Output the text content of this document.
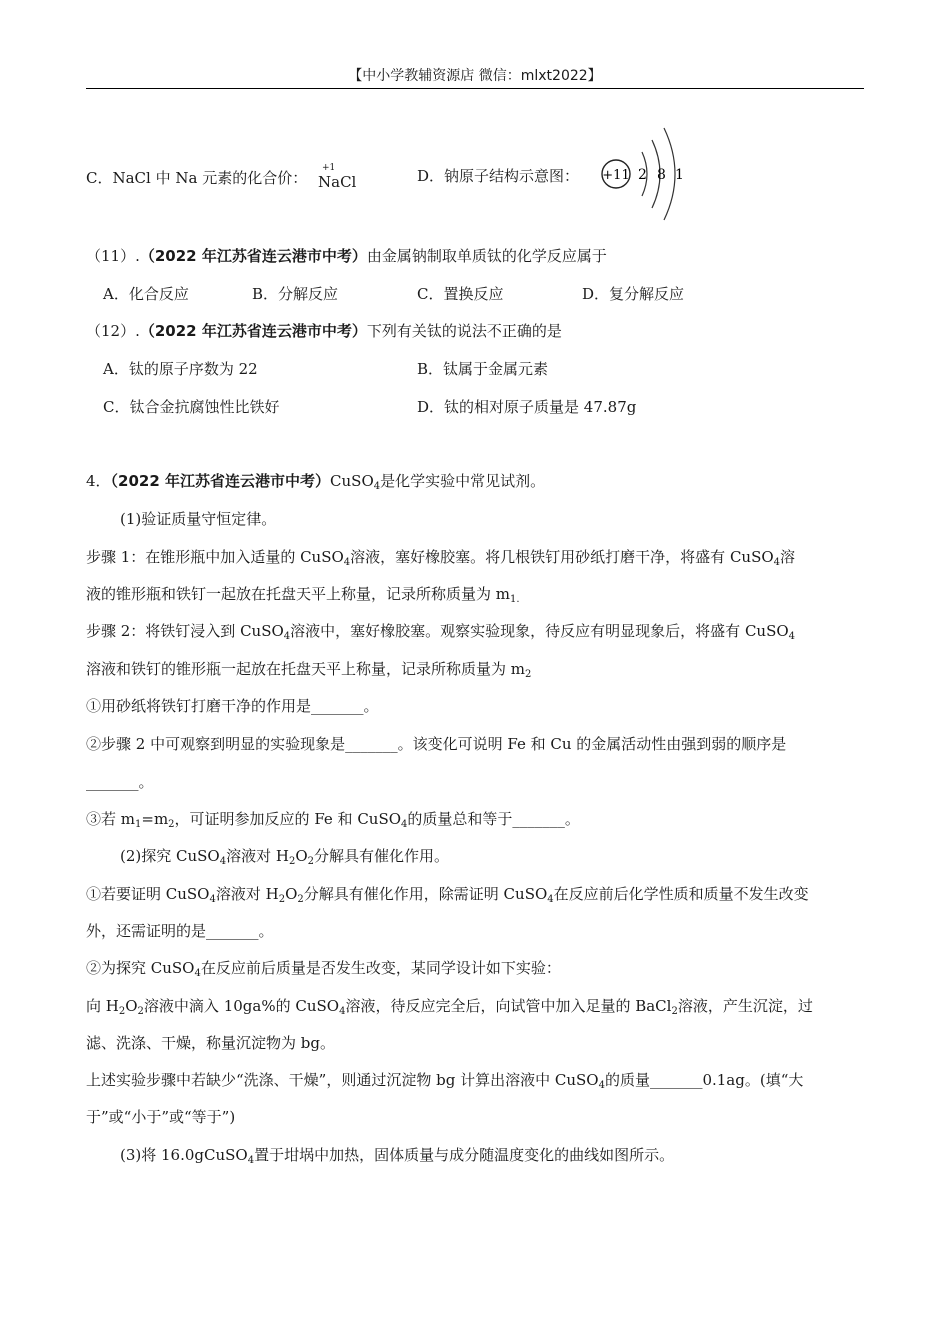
【中小学教辅资源店 微信：mlxt2022】
C．NaCl 中 Na 元素的化合价：
+1
NaCl	D．钠原子结构示意图： +11 2 8 1
（11）.（2022 年江苏省连云港市中考）由金属钠制取单质钛的化学反应属于
A．化合反应	B．分解反应	C．置换反应	D．复分解反应
（12）.（2022 年江苏省连云港市中考）下列有关钛的说法不正确的是
A．钛的原子序数为 22	B．钛属于金属元素
C．钛合金抗腐蚀性比铁好	D．钛的相对原子质量是 47.87g
4．（2022 年江苏省连云港市中考）CuSO$_4$是化学实验中常见试剂。
(1)验证质量守恒定律。
步骤 1：在锥形瓶中加入适量的 CuSO$_4$溶液，塞好橡胶塞。将几根铁钉用砂纸打磨干净，将盛有 CuSO$_4$溶
液的锥形瓶和铁钉一起放在托盘天平上称量，记录所称质量为 $m_{1.}$
步骤 2：将铁钉浸入到 CuSO$_4$溶液中，塞好橡胶塞。观察实验现象，待反应有明显现象后，将盛有 CuSO$_4$
溶液和铁钉的锥形瓶一起放在托盘天平上称量，记录所称质量为 $m_2$
①用砂纸将铁钉打磨干净的作用是_______。
②步骤 2 中可观察到明显的实验现象是_______。该变化可说明 Fe 和 Cu 的金属活动性由强到弱的顺序是
_______。
③若 $m_1=m_2$，可证明参加反应的 Fe 和 CuSO$_4$的质量总和等于_______。
(2)探究 CuSO$_4$溶液对 $H_2O_2$分解具有催化作用。
①若要证明 CuSO$_4$溶液对 $H_2O_2$分解具有催化作用，除需证明 CuSO$_4$在反应前后化学性质和质量不发生改变
外，还需证明的是_______。
②为探究 CuSO$_4$在反应前后质量是否发生改变，某同学设计如下实验：
向 $H_2O_2$溶液中滴入 10ga%的 CuSO$_4$溶液，待反应完全后，向试管中加入足量的 BaCl$_2$溶液，产生沉淀，过
滤、洗涤、干燥，称量沉淀物为 bg。
上述实验步骤中若缺少“洗涤、干燥”，则通过沉淀物 bg 计算出溶液中 CuSO$_4$的质量_______0.1ag。(填“大
于”或“小于”或“等于”)
(3)将 16.0gCuSO$_4$置于坩埚中加热，固体质量与成分随温度变化的曲线如图所示。
